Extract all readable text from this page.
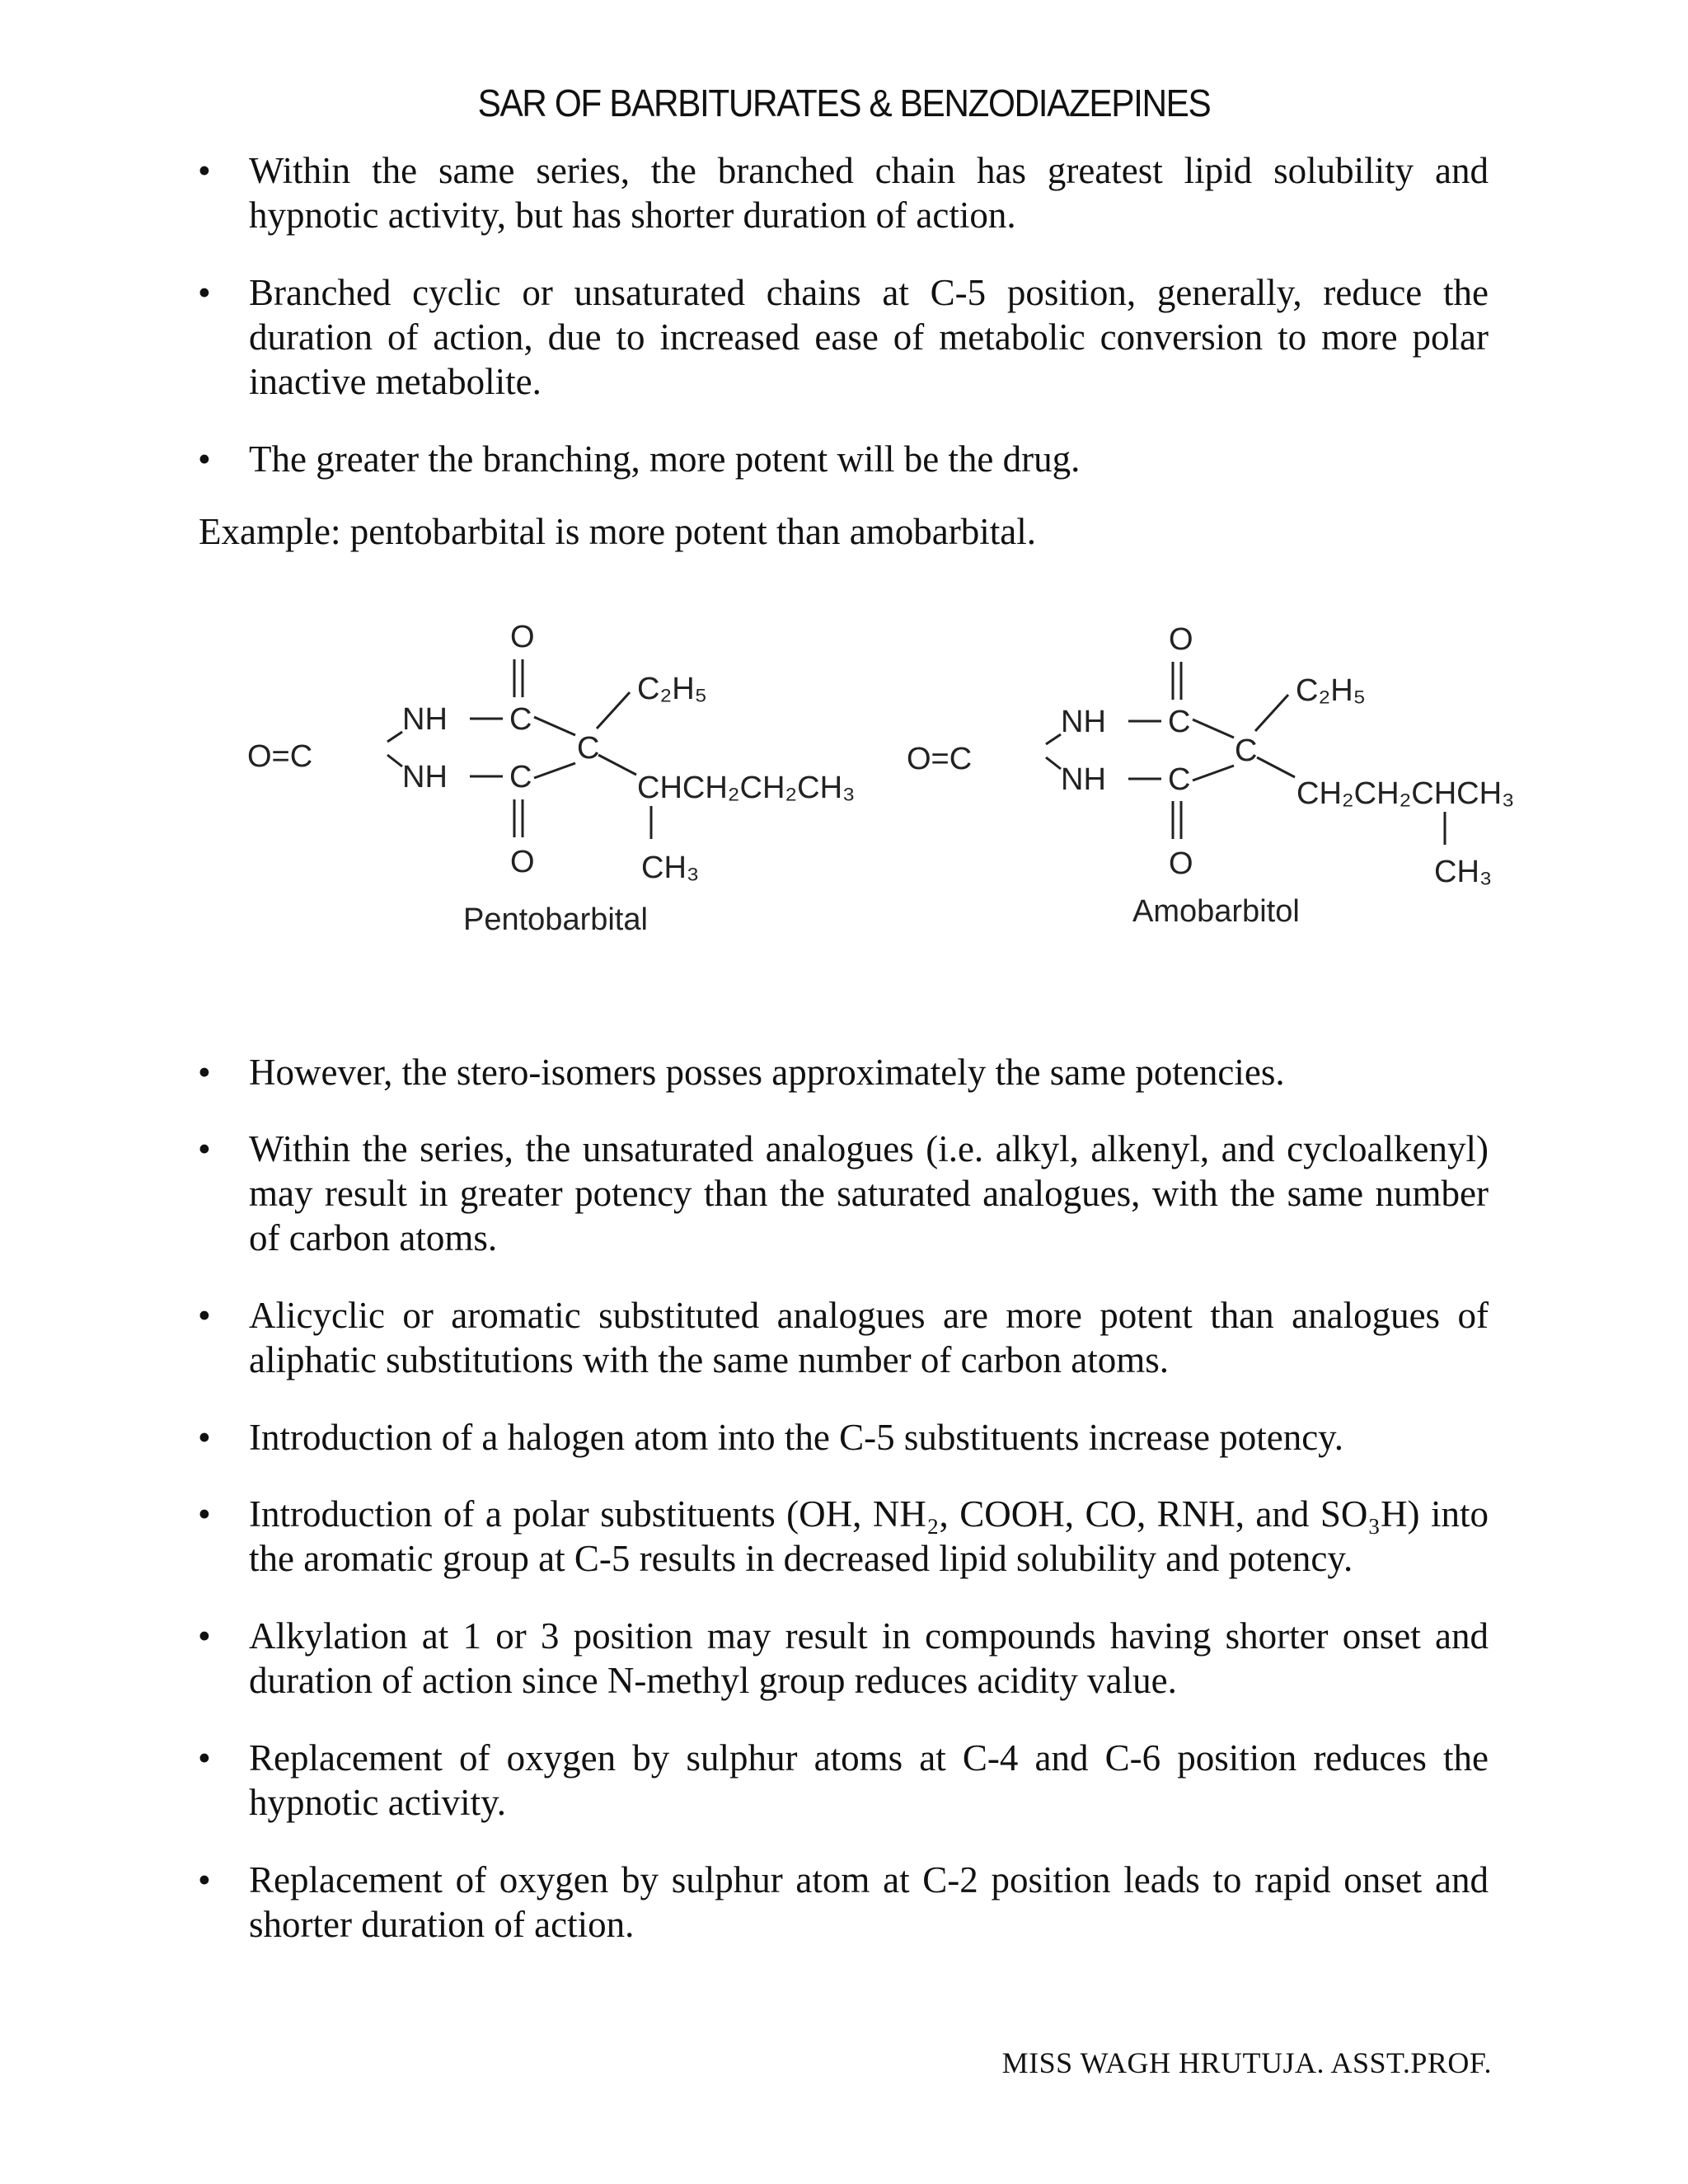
SAR OF BARBITURATES & BENZODIAZEPINES
•	Within the same series, the branched chain has greatest lipid solubility and hypnotic activity, but has shorter duration of action.
•	Branched cyclic or unsaturated chains at C-5 position, generally, reduce the duration of action, due to increased ease of metabolic conversion to more polar inactive metabolite.
•	The greater the branching, more potent will be the drug.
Example: pentobarbital is more potent than amobarbital.
O=C
NH
NH
C
C
C
O
O
C₂H₅
CHCH₂CH₂CH₃
CH₃
Pentobarbital
O=C
NH
NH
C
C
C
O
O
C₂H₅
CH₂CH₂CHCH₃
CH₃
Amobarbitol
•	However, the stero-isomers posses approximately the same potencies.
•	Within the series, the unsaturated analogues (i.e. alkyl, alkenyl, and cycloalkenyl) may result in greater potency than the saturated analogues, with the same number of carbon atoms.
•	Alicyclic or aromatic substituted analogues are more potent than analogues of aliphatic substitutions with the same number of carbon atoms.
•	Introduction of a halogen atom into the C-5 substituents increase potency.
•	Introduction of a polar substituents (OH, NH₂, COOH, CO, RNH, and SO₃H) into the aromatic group at C-5 results in decreased lipid solubility and potency.
•	Alkylation at 1 or 3 position may result in compounds having shorter onset and duration of action since N-methyl group reduces acidity value.
•	Replacement of oxygen by sulphur atoms at C-4 and C-6 position reduces the hypnotic activity.
•	Replacement of oxygen by sulphur atom at C-2 position leads to rapid onset and shorter duration of action.
MISS WAGH HRUTUJA. ASST.PROF.
